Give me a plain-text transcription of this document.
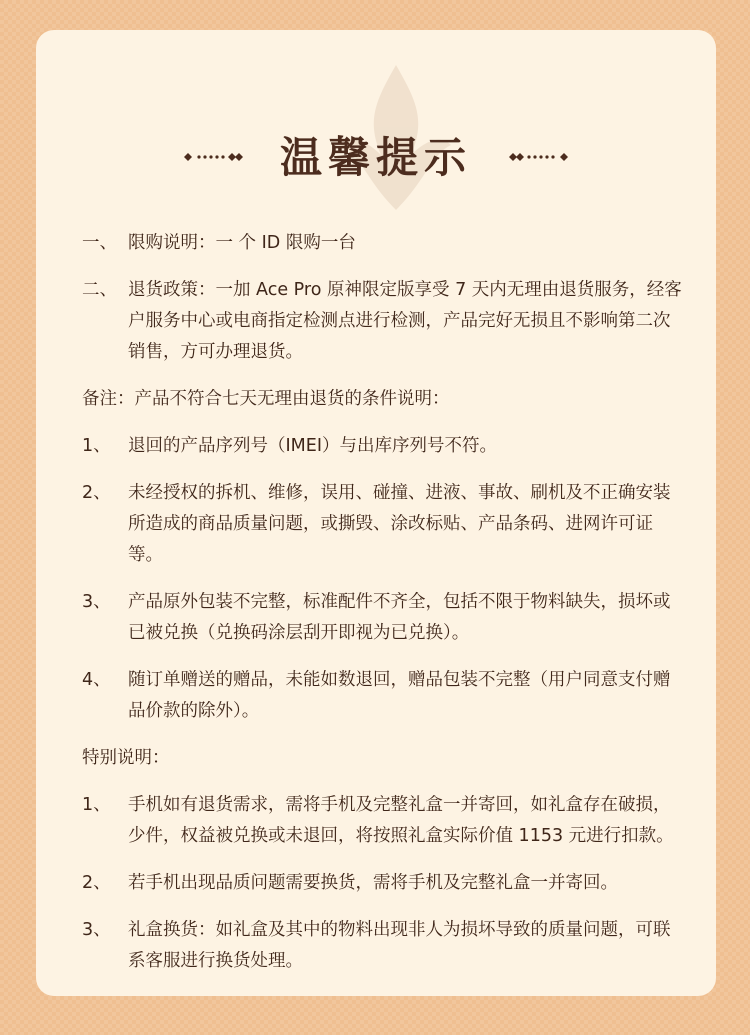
温馨提示
一、 限购说明：一 个 ID 限购一台
二、 退货政策：一加 Ace Pro 原神限定版享受 7 天内无理由退货服务，经客户服务中心或电商指定检测点进行检测，产品完好无损且不影响第二次销售，方可办理退货。
备注：产品不符合七天无理由退货的条件说明：
1、 退回的产品序列号（IMEI）与出库序列号不符。
2、 未经授权的拆机、维修，误用、碰撞、进液、事故、刷机及不正确安装所造成的商品质量问题，或撕毁、涂改标贴、产品条码、进网许可证等。
3、 产品原外包装不完整，标准配件不齐全，包括不限于物料缺失，损坏或已被兑换（兑换码涂层刮开即视为已兑换）。
4、 随订单赠送的赠品，未能如数退回，赠品包装不完整（用户同意支付赠品价款的除外）。
特别说明：
1、 手机如有退货需求，需将手机及完整礼盒一并寄回，如礼盒存在破损，少件，权益被兑换或未退回，将按照礼盒实际价值 1153 元进行扣款。
2、 若手机出现品质问题需要换货，需将手机及完整礼盒一并寄回。
3、 礼盒换货：如礼盒及其中的物料出现非人为损坏导致的质量问题，可联系客服进行换货处理。
